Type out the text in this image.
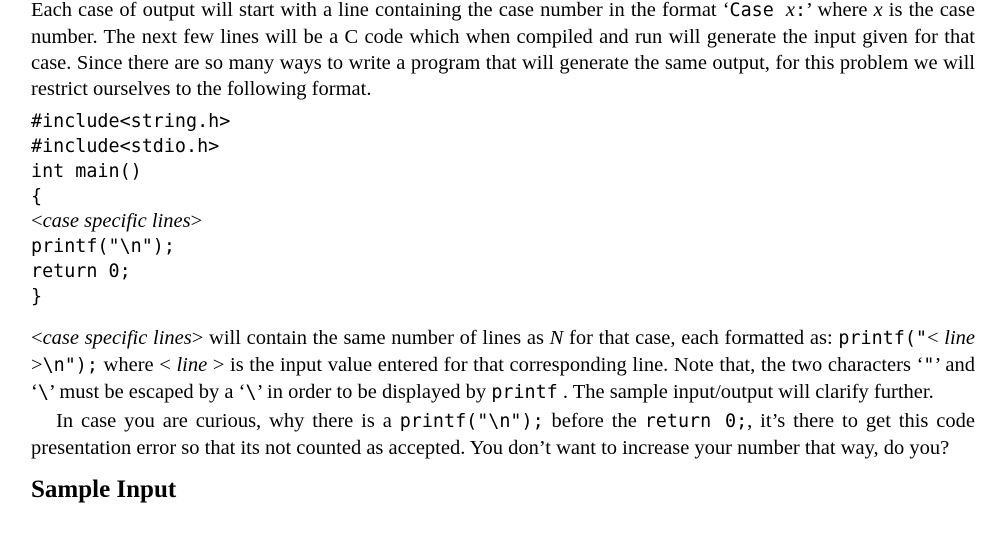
Each case of output will start with a line containing the case number in the format ‘Case x:’ where x is the case number. The next few lines will be a C code which when compiled and run will generate the input given for that case. Since there are so many ways to write a program that will generate the same output, for this problem we will restrict ourselves to the following format.

#include<string.h>
#include<stdio.h>
int main()
{
<case specific lines>
printf("\n");
return 0;
}

<case specific lines> will contain the same number of lines as N for that case, each formatted as: printf("< line >\n"); where < line > is the input value entered for that corresponding line. Note that, the two characters ‘"’ and ‘\’ must be escaped by a ‘\’ in order to be displayed by printf . The sample input/output will clarify further.

In case you are curious, why there is a printf("\n"); before the return 0;, it’s there to get this code presentation error so that its not counted as accepted. You don’t want to increase your number that way, do you?

Sample Input
